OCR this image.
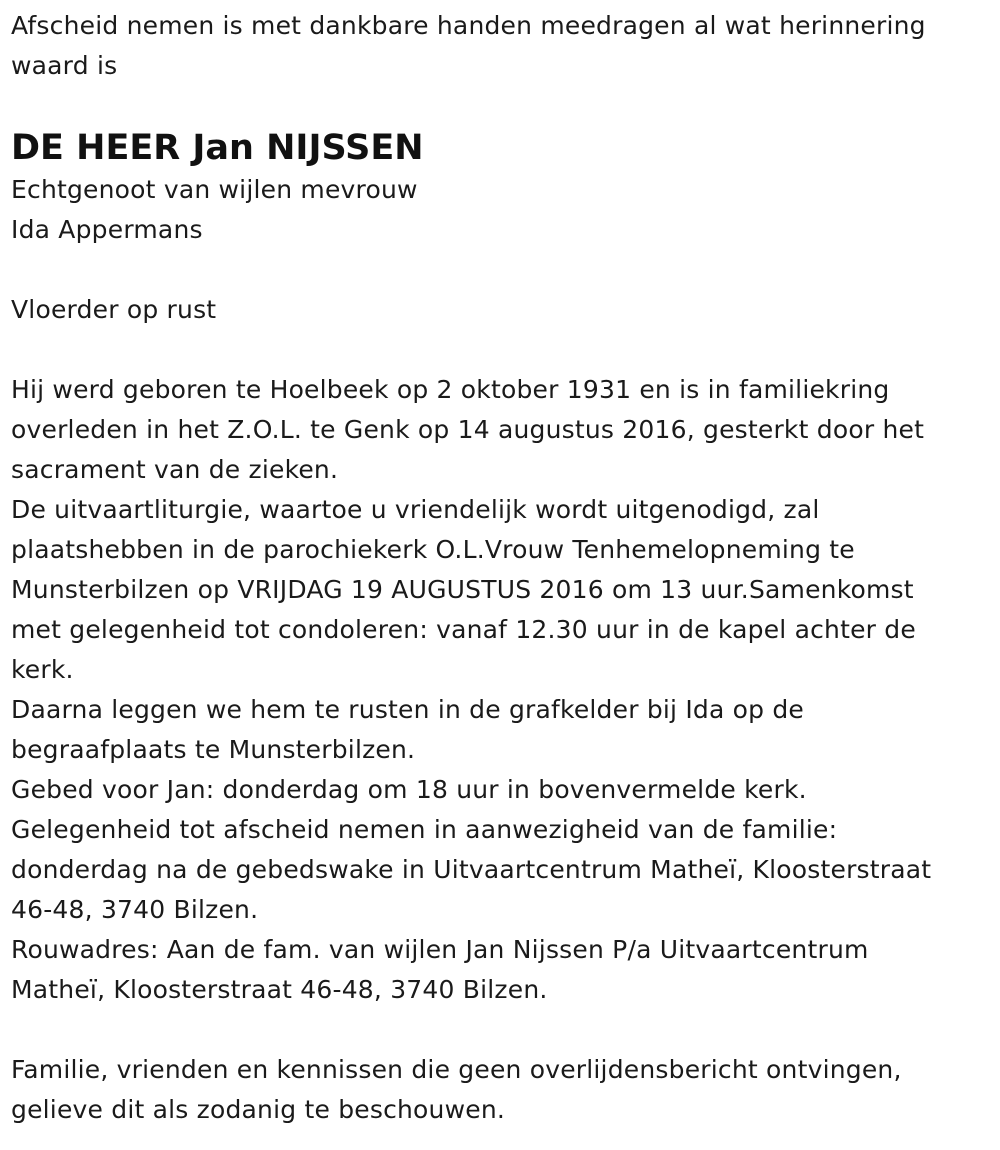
Afscheid nemen is met dankbare handen meedragen al wat herinnering
waard is
DE HEER Jan NIJSSEN
Echtgenoot van wijlen mevrouw
Ida Appermans
Vloerder op rust
Hij werd geboren te Hoelbeek op 2 oktober 1931 en is in familiekring
overleden in het Z.O.L. te Genk op 14 augustus 2016, gesterkt door het
sacrament van de zieken.
De uitvaartliturgie, waartoe u vriendelijk wordt uitgenodigd, zal
plaatshebben in de parochiekerk O.L.Vrouw Tenhemelopneming te
Munsterbilzen op VRIJDAG 19 AUGUSTUS 2016 om 13 uur.Samenkomst
met gelegenheid tot condoleren: vanaf 12.30 uur in de kapel achter de
kerk.
Daarna leggen we hem te rusten in de grafkelder bij Ida op de
begraafplaats te Munsterbilzen.
Gebed voor Jan: donderdag om 18 uur in bovenvermelde kerk.
Gelegenheid tot afscheid nemen in aanwezigheid van de familie:
donderdag na de gebedswake in Uitvaartcentrum Matheï, Kloosterstraat
46-48, 3740 Bilzen.
Rouwadres: Aan de fam. van wijlen Jan Nijssen P/a Uitvaartcentrum
Matheï, Kloosterstraat 46-48, 3740 Bilzen.
Familie, vrienden en kennissen die geen overlijdensbericht ontvingen,
gelieve dit als zodanig te beschouwen.
